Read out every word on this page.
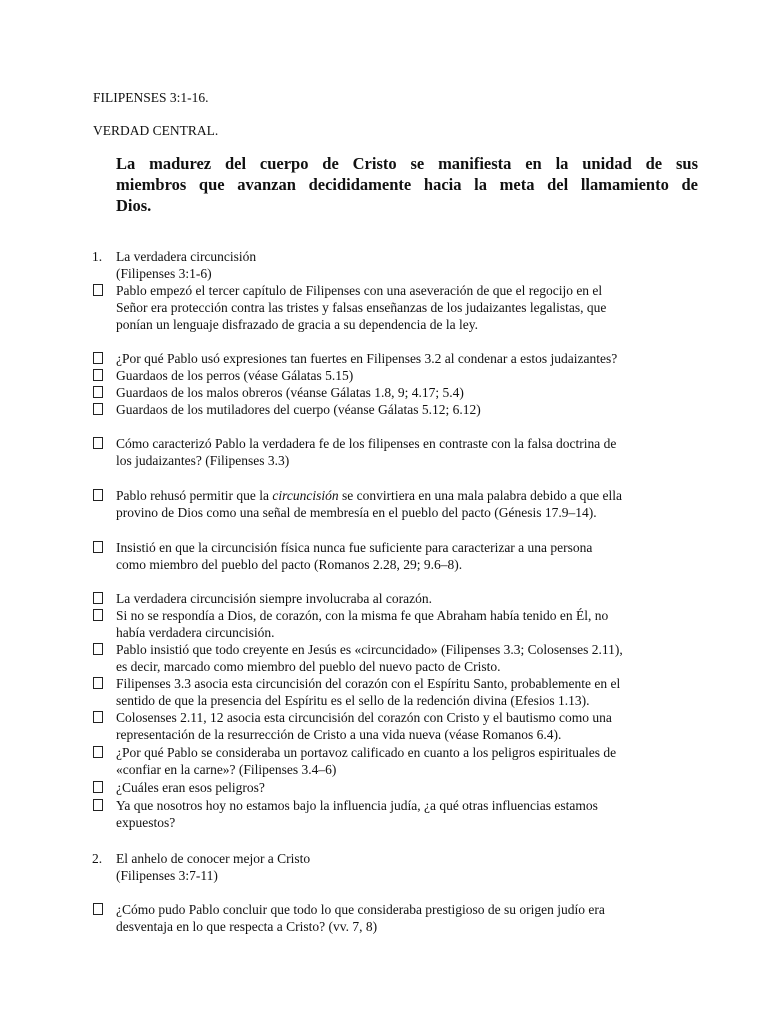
FILIPENSES 3:1-16.
VERDAD CENTRAL.
La madurez del cuerpo de Cristo se manifiesta en la unidad de sus
miembros que avanzan decididamente hacia la meta del llamamiento de
Dios.
1. La verdadera circuncisión
(Filipenses 3:1-6)
Pablo empezó el tercer capítulo de Filipenses con una aseveración de que el regocijo en el
Señor era protección contra las tristes y falsas enseñanzas de los judaizantes legalistas, que
ponían un lenguaje disfrazado de gracia a su dependencia de la ley.
¿Por qué Pablo usó expresiones tan fuertes en Filipenses 3.2 al condenar a estos judaizantes?
Guardaos de los perros (véase Gálatas 5.15)
Guardaos de los malos obreros (véanse Gálatas 1.8, 9; 4.17; 5.4)
Guardaos de los mutiladores del cuerpo (véanse Gálatas 5.12; 6.12)
Cómo caracterizó Pablo la verdadera fe de los filipenses en contraste con la falsa doctrina de
los judaizantes? (Filipenses 3.3)
Pablo rehusó permitir que la circuncisión se convirtiera en una mala palabra debido a que ella
provino de Dios como una señal de membresía en el pueblo del pacto (Génesis 17.9–14).
Insistió en que la circuncisión física nunca fue suficiente para caracterizar a una persona
como miembro del pueblo del pacto (Romanos 2.28, 29; 9.6–8).
La verdadera circuncisión siempre involucraba al corazón.
Si no se respondía a Dios, de corazón, con la misma fe que Abraham había tenido en Él, no
había verdadera circuncisión.
Pablo insistió que todo creyente en Jesús es «circuncidado» (Filipenses 3.3; Colosenses 2.11),
es decir, marcado como miembro del pueblo del nuevo pacto de Cristo.
Filipenses 3.3 asocia esta circuncisión del corazón con el Espíritu Santo, probablemente en el
sentido de que la presencia del Espíritu es el sello de la redención divina (Efesios 1.13).
Colosenses 2.11, 12 asocia esta circuncisión del corazón con Cristo y el bautismo como una
representación de la resurrección de Cristo a una vida nueva (véase Romanos 6.4).
¿Por qué Pablo se consideraba un portavoz calificado en cuanto a los peligros espirituales de
«confiar en la carne»? (Filipenses 3.4–6)
¿Cuáles eran esos peligros?
Ya que nosotros hoy no estamos bajo la influencia judía, ¿a qué otras influencias estamos
expuestos?
2. El anhelo de conocer mejor a Cristo
(Filipenses 3:7-11)
¿Cómo pudo Pablo concluir que todo lo que consideraba prestigioso de su origen judío era
desventaja en lo que respecta a Cristo? (vv. 7, 8)
